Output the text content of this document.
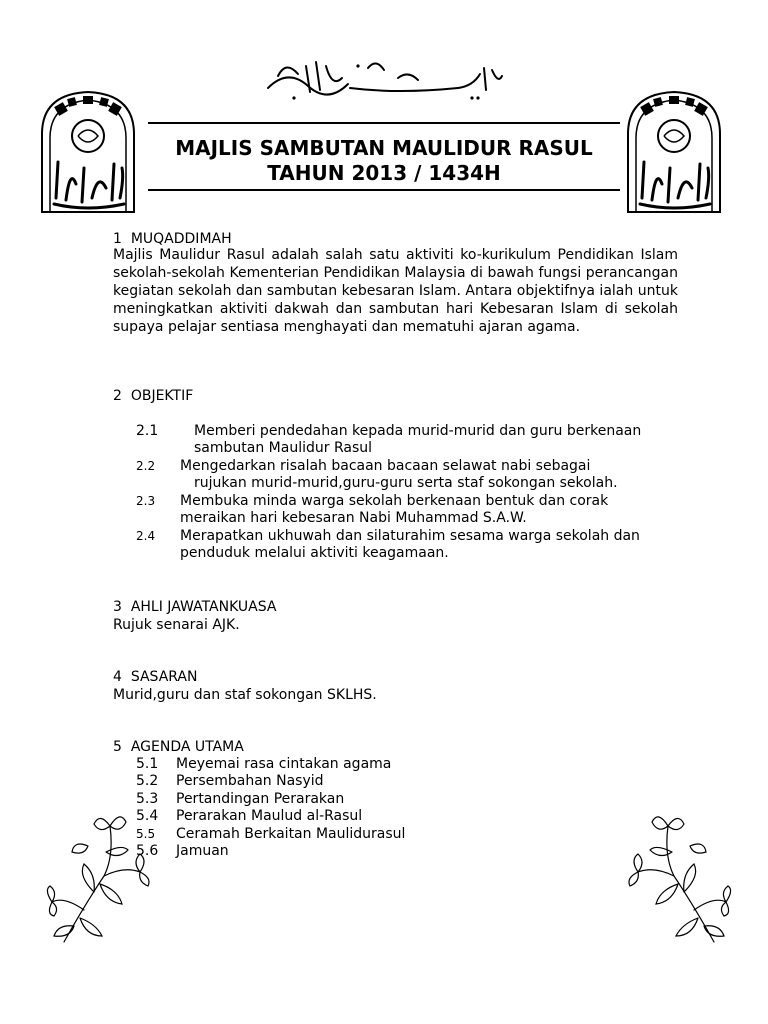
MAJLIS SAMBUTAN MAULIDUR RASUL
TAHUN 2013 / 1434H
1 MUQADDIMAH
Majlis Maulidur Rasul adalah salah satu aktiviti ko-kurikulum Pendidikan Islam sekolah-sekolah Kementerian Pendidikan Malaysia di bawah fungsi perancangan kegiatan sekolah dan sambutan kebesaran Islam. Antara objektifnya ialah untuk meningkatkan aktiviti dakwah dan sambutan hari Kebesaran Islam di sekolah supaya pelajar sentiasa menghayati dan mematuhi ajaran agama.
2 OBJEKTIF
2.1	Memberi pendedahan kepada murid-murid dan guru berkenaan
sambutan Maulidur Rasul
2.2 Mengedarkan risalah bacaan bacaan selawat nabi sebagai
rujukan murid-murid,guru-guru serta staf sokongan sekolah.
2.3 Membuka minda warga sekolah berkenaan bentuk dan corak
meraikan hari kebesaran Nabi Muhammad S.A.W.
2.4 Merapatkan ukhuwah dan silaturahim sesama warga sekolah dan
penduduk melalui aktiviti keagamaan.
3 AHLI JAWATANKUASA
Rujuk senarai AJK.
4 SASARAN
Murid,guru dan staf sokongan SKLHS.
5 AGENDA UTAMA
5.1 Meyemai rasa cintakan agama
5.2 Persembahan Nasyid
5.3 Pertandingan Perarakan
5.4 Perarakan Maulud al-Rasul
5.5 Ceramah Berkaitan Maulidurasul
5.6 Jamuan
